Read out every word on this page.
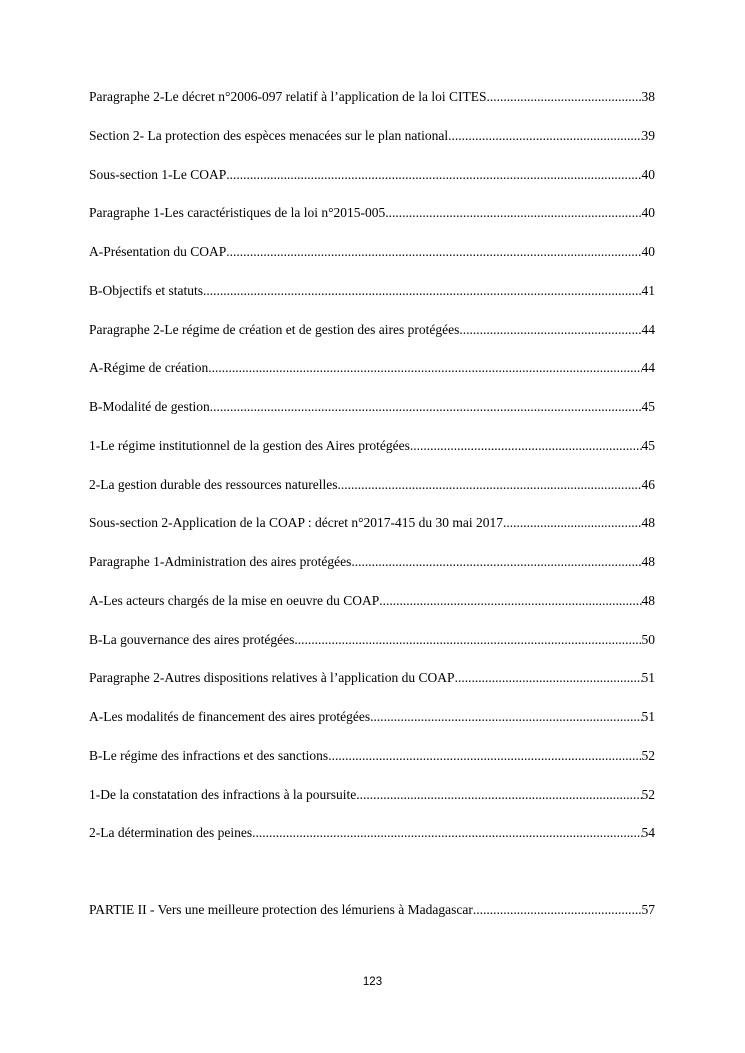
Paragraphe 2-Le décret n°2006-097 relatif à l’application de la loi CITES .....	38
Section 2- La protection des espèces menacées sur le plan national .....	39
Sous-section 1-Le COAP .....	40
Paragraphe 1-Les caractéristiques de la loi n°2015-005 .....	40
A-Présentation du COAP .....	40
B-Objectifs et statuts .....	41
Paragraphe 2-Le régime de création et de gestion des aires protégées .....	44
A-Régime de création .....	44
B-Modalité de gestion .....	45
1-Le régime institutionnel de la gestion des Aires protégées .....	45
2-La gestion durable des ressources naturelles .....	46
Sous-section 2-Application de la COAP : décret n°2017-415 du 30 mai 2017 .....	48
Paragraphe 1-Administration des aires protégées .....	48
A-Les acteurs chargés de la mise en oeuvre du COAP .....	48
B-La gouvernance des aires protégées .....	50
Paragraphe 2-Autres dispositions relatives à l’application du COAP .....	51
A-Les modalités de financement des aires protégées .....	51
B-Le régime des infractions et des sanctions .....	52
1-De la constatation des infractions à la poursuite .....	52
2-La détermination des peines .....	54
PARTIE II - Vers une meilleure protection des lémuriens à Madagascar .....	57
123
